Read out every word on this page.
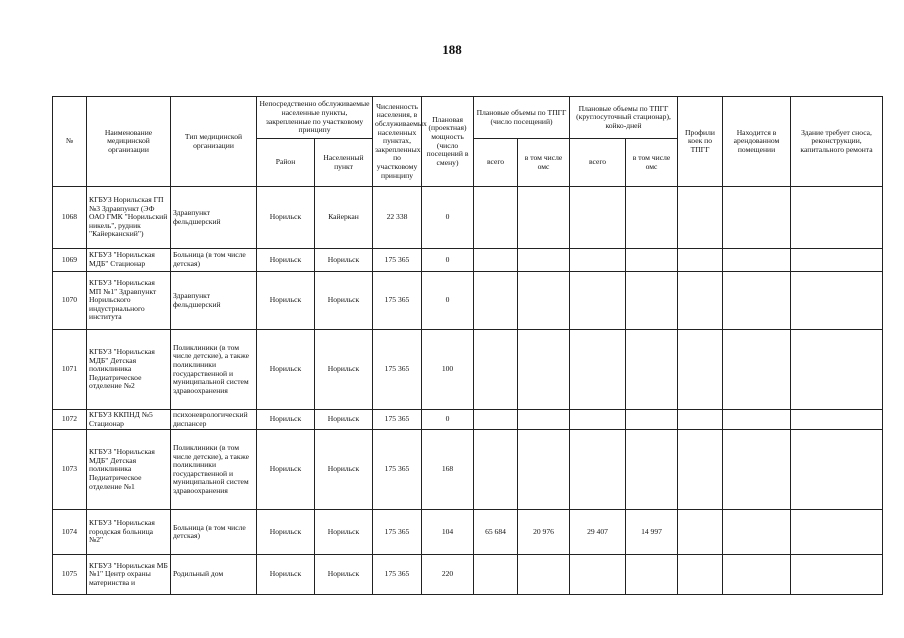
188
№	Наименование медицинской организации	Тип медицинской организации	Непосредственно обслуживаемые населенные пункты, закрепленные по участковому принципу		Численность населения, в обслуживаемых населенных пунктах, закрепленных по участковому принципу	Плановая (проектная) мощность (число посещений в смену)	Плановые объемы по ТПГГ (число посещений)		Плановые объемы по ТПГГ (круглосуточный стационар), койко-дней		Профили коек по ТПГГ	Находится в арендованном помещении	Здание требует сноса, реконструкции, капитального ремонта
			Район	Населенный пункт			всего	в том числе омс	всего	в том числе омс			
1068	КГБУЗ Норильская ГП №3 Здравпункт (ЭФ ОАО ГМК "Норильский никель", рудник "Кайерканский")	Здравпункт фельдшерский	Норильск	Кайеркан	22 338	0							
1069	КГБУЗ "Норильская МДБ" Стационар	Больница (в том числе детская)	Норильск	Норильск	175 365	0							
1070	КГБУЗ "Норильская МП №1" Здравпункт Норильского индустриального института	Здравпункт фельдшерский	Норильск	Норильск	175 365	0							
1071	КГБУЗ "Норильская МДБ" Детская поликлиника Педиатрическое отделение №2	Поликлиники (в том числе детские), а также поликлиники государственной и муниципальной систем здравоохранения	Норильск	Норильск	175 365	100							
1072	КГБУЗ ККПНД №5 Стационар	психоневрологический диспансер	Норильск	Норильск	175 365	0							
1073	КГБУЗ "Норильская МДБ" Детская поликлиника Педиатрическое отделение №1	Поликлиники (в том числе детские), а также поликлиники государственной и муниципальной систем здравоохранения	Норильск	Норильск	175 365	168							
1074	КГБУЗ "Норильская городская больница №2"	Больница (в том числе детская)	Норильск	Норильск	175 365	104	65 684	20 976	29 407	14 997			
1075	КГБУЗ "Норильская МБ №1" Центр охраны материнства и	Родильный дом	Норильск	Норильск	175 365	220							
